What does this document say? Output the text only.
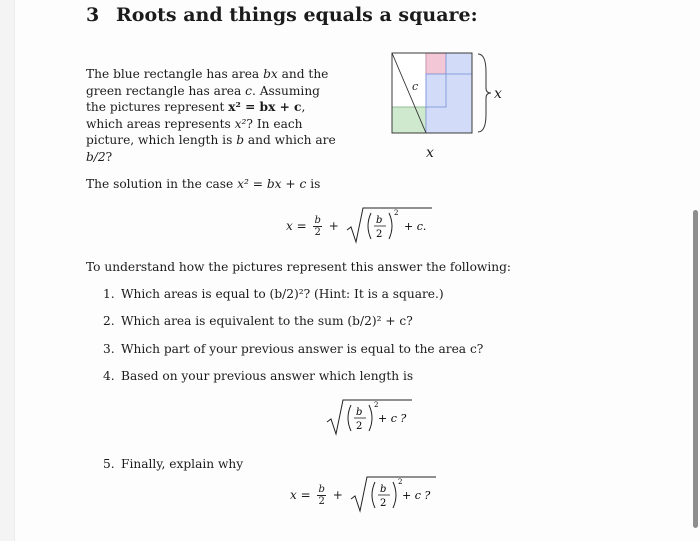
3 Roots and things equals a square:
The blue rectangle has area bx and the green rectangle has area c. Assuming the pictures represent x² = bx + c, which areas represents x²? In each picture, which length is b and which are b/2?
c	x
x
The solution in the case x² = bx + c is
$x = \frac{b}{2}$ +	b
2
2
+ c.
To understand how the pictures represent this answer the following:
1. Which areas is equal to (b/2)²? (Hint: It is a square.)
2. Which area is equivalent to the sum (b/2)² + c?
3. Which part of your previous answer is equal to the area c?
4. Based on your previous answer which length is
b
2
2
+ c ?
5. Finally, explain why
$x = \frac{b}{2}$ +	b
2
2
+ c ?
